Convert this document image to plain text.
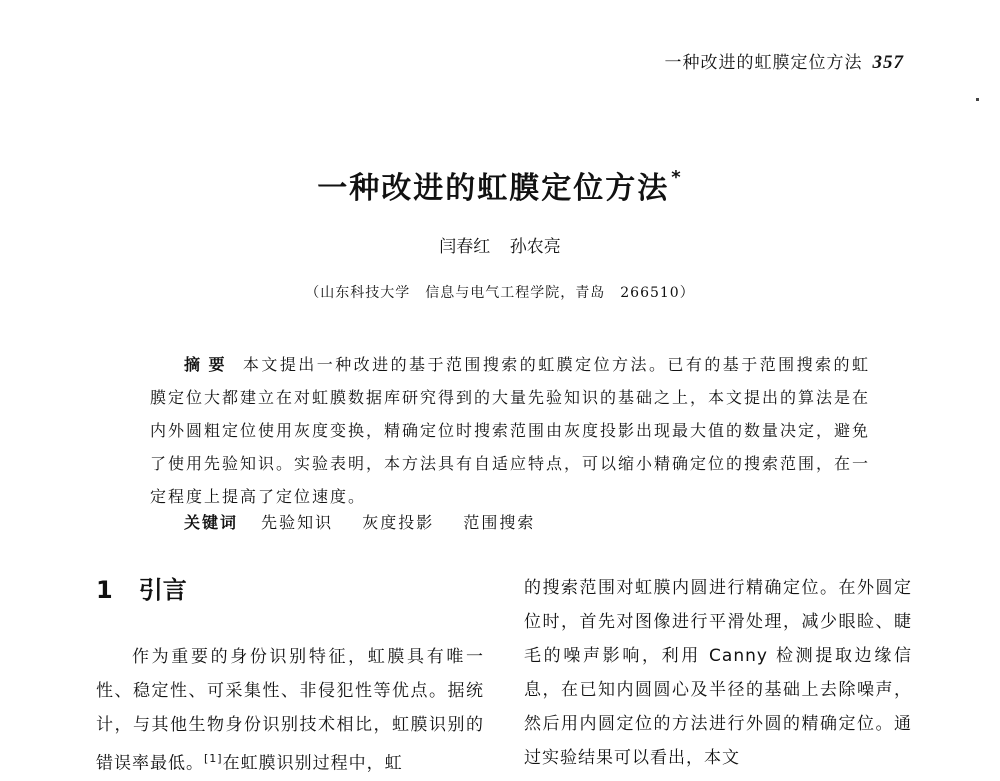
一种改进的虹膜定位方法 357
一种改进的虹膜定位方法 *
闫春红 孙农亮
（山东科技大学　信息与电气工程学院，青岛　266510）
摘要 本文提出一种改进的基于范围搜索的虹膜定位方法。已有的基于范围搜索的虹膜定位大都建立在对虹膜数据库研究得到的大量先验知识的基础之上，本文提出的算法是在内外圆粗定位使用灰度变换，精确定位时搜索范围由灰度投影出现最大值的数量决定，避免了使用先验知识。实验表明，本方法具有自适应特点，可以缩小精确定位的搜索范围，在一定程度上提高了定位速度。
关键词 先验知识 灰度投影 范围搜索
1 引言
作为重要的身份识别特征，虹膜具有唯一性、稳定性、可采集性、非侵犯性等优点。据统计，与其他生物身份识别技术相比，虹膜识别的错误率最低。[1]在虹膜识别过程中，虹
的搜索范围对虹膜内圆进行精确定位。在外圆定位时，首先对图像进行平滑处理，减少眼睑、睫毛的噪声影响，利用 Canny 检测提取边缘信息，在已知内圆圆心及半径的基础上去除噪声，然后用内圆定位的方法进行外圆的精确定位。通过实验结果可以看出，本文
